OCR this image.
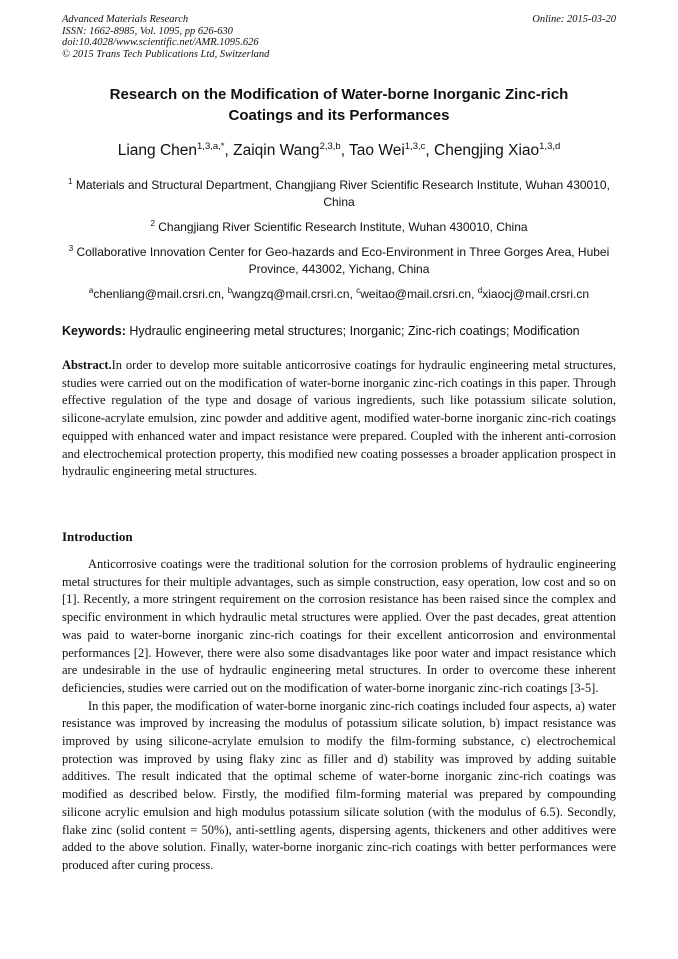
Advanced Materials Research
ISSN: 1662-8985, Vol. 1095, pp 626-630
doi:10.4028/www.scientific.net/AMR.1095.626
© 2015 Trans Tech Publications Ltd, Switzerland
Online: 2015-03-20
Research on the Modification of Water-borne Inorganic Zinc-rich
Coatings and its Performances
Liang Chen$^{1,3,a,*}$, Zaiqin Wang$^{2,3,b}$, Tao Wei$^{1,3,c}$, Chengjing Xiao$^{1,3,d}$
$^1$ Materials and Structural Department, Changjiang River Scientific Research Institute, Wuhan 430010, China
$^2$ Changjiang River Scientific Research Institute, Wuhan 430010, China
$^3$ Collaborative Innovation Center for Geo-hazards and Eco-Environment in Three Gorges Area, Hubei Province, 443002, Yichang, China
$^a$chenliang@mail.crsri.cn, $^b$wangzq@mail.crsri.cn, $^c$weitao@mail.crsri.cn, $^d$xiaocj@mail.crsri.cn
Keywords: Hydraulic engineering metal structures; Inorganic; Zinc-rich coatings; Modification
Abstract.In order to develop more suitable anticorrosive coatings for hydraulic engineering metal structures, studies were carried out on the modification of water-borne inorganic zinc-rich coatings in this paper. Through effective regulation of the type and dosage of various ingredients, such like potassium silicate solution, silicone-acrylate emulsion, zinc powder and additive agent, modified water-borne inorganic zinc-rich coatings equipped with enhanced water and impact resistance were prepared. Coupled with the inherent anti-corrosion and electrochemical protection property, this modified new coating possesses a broader application prospect in hydraulic engineering metal structures.
Introduction

Anticorrosive coatings were the traditional solution for the corrosion problems of hydraulic engineering metal structures for their multiple advantages, such as simple construction, easy operation, low cost and so on [1]. Recently, a more stringent requirement on the corrosion resistance has been raised since the complex and specific environment in which hydraulic metal structures were applied. Over the past decades, great attention was paid to water-borne inorganic zinc-rich coatings for their excellent anticorrosion and environmental performances [2]. However, there were also some disadvantages like poor water and impact resistance which are undesirable in the use of hydraulic engineering metal structures. In order to overcome these inherent deficiencies, studies were carried out on the modification of water-borne inorganic zinc-rich coatings [3-5].

In this paper, the modification of water-borne inorganic zinc-rich coatings included four aspects, a) water resistance was improved by increasing the modulus of potassium silicate solution, b) impact resistance was improved by using silicone-acrylate emulsion to modify the film-forming substance, c) electrochemical protection was improved by using flaky zinc as filler and d) stability was improved by adding suitable additives. The result indicated that the optimal scheme of water-borne inorganic zinc-rich coatings was modified as described below. Firstly, the modified film-forming material was prepared by compounding silicone acrylic emulsion and high modulus potassium silicate solution (with the modulus of 6.5). Secondly, flake zinc (solid content = 50%), anti-settling agents, dispersing agents, thickeners and other additives were added to the above solution. Finally, water-borne inorganic zinc-rich coatings with better performances were produced after curing process.
